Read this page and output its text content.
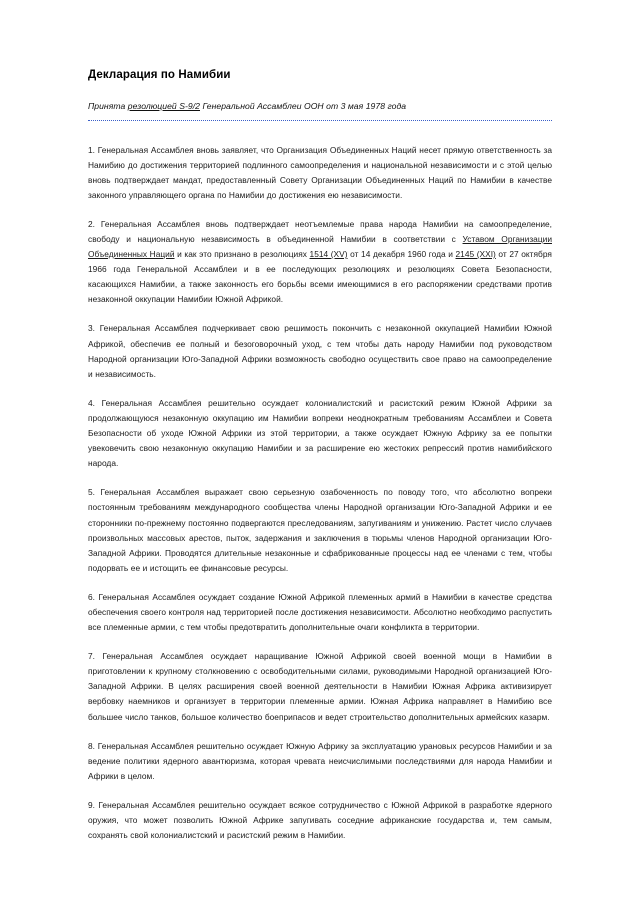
Декларация по Намибии

Принята резолюцией S-9/2 Генеральной Ассамблеи ООН от 3 мая 1978 года

1. Генеральная Ассамблея вновь заявляет, что Организация Объединенных Наций несет прямую ответственность за Намибию до достижения территорией подлинного самоопределения и национальной независимости и с этой целью вновь подтверждает мандат, предоставленный Совету Организации Объединенных Наций по Намибии в качестве законного управляющего органа по Намибии до достижения ею независимости.

2. Генеральная Ассамблея вновь подтверждает неотъемлемые права народа Намибии на самоопределение, свободу и национальную независимость в объединенной Намибии в соответствии с Уставом Организации Объединенных Наций и как это признано в резолюциях 1514 (XV) от 14 декабря 1960 года и 2145 (XXI) от 27 октября 1966 года Генеральной Ассамблеи и в ее последующих резолюциях и резолюциях Совета Безопасности, касающихся Намибии, а также законность его борьбы всеми имеющимися в его распоряжении средствами против незаконной оккупации Намибии Южной Африкой.

3. Генеральная Ассамблея подчеркивает свою решимость покончить с незаконной оккупацией Намибии Южной Африкой, обеспечив ее полный и безоговорочный уход, с тем чтобы дать народу Намибии под руководством Народной организации Юго-Западной Африки возможность свободно осуществить свое право на самоопределение и независимость.

4. Генеральная Ассамблея решительно осуждает колониалистский и расистский режим Южной Африки за продолжающуюся незаконную оккупацию им Намибии вопреки неоднократным требованиям Ассамблеи и Совета Безопасности об уходе Южной Африки из этой территории, а также осуждает Южную Африку за ее попытки увековечить свою незаконную оккупацию Намибии и за расширение ею жестоких репрессий против намибийского народа.

5. Генеральная Ассамблея выражает свою серьезную озабоченность по поводу того, что абсолютно вопреки постоянным требованиям международного сообщества члены Народной организации Юго-Западной Африки и ее сторонники по-прежнему постоянно подвергаются преследованиям, запугиваниям и унижению. Растет число случаев произвольных массовых арестов, пыток, задержания и заключения в тюрьмы членов Народной организации Юго-Западной Африки. Проводятся длительные незаконные и сфабрикованные процессы над ее членами с тем, чтобы подорвать ее и истощить ее финансовые ресурсы.

6. Генеральная Ассамблея осуждает создание Южной Африкой племенных армий в Намибии в качестве средства обеспечения своего контроля над территорией после достижения независимости. Абсолютно необходимо распустить все племенные армии, с тем чтобы предотвратить дополнительные очаги конфликта в территории.

7. Генеральная Ассамблея осуждает наращивание Южной Африкой своей военной мощи в Намибии в приготовлении к крупному столкновению с освободительными силами, руководимыми Народной организацией Юго-Западной Африки. В целях расширения своей военной деятельности в Намибии Южная Африка активизирует вербовку наемников и организует в территории племенные армии. Южная Африка направляет в Намибию все большее число танков, большое количество боеприпасов и ведет строительство дополнительных армейских казарм.

8. Генеральная Ассамблея решительно осуждает Южную Африку за эксплуатацию урановых ресурсов Намибии и за ведение политики ядерного авантюризма, которая чревата неисчислимыми последствиями для народа Намибии и Африки в целом.

9. Генеральная Ассамблея решительно осуждает всякое сотрудничество с Южной Африкой в разработке ядерного оружия, что может позволить Южной Африке запугивать соседние африканские государства и, тем самым, сохранять свой колониалистский и расистский режим в Намибии.
